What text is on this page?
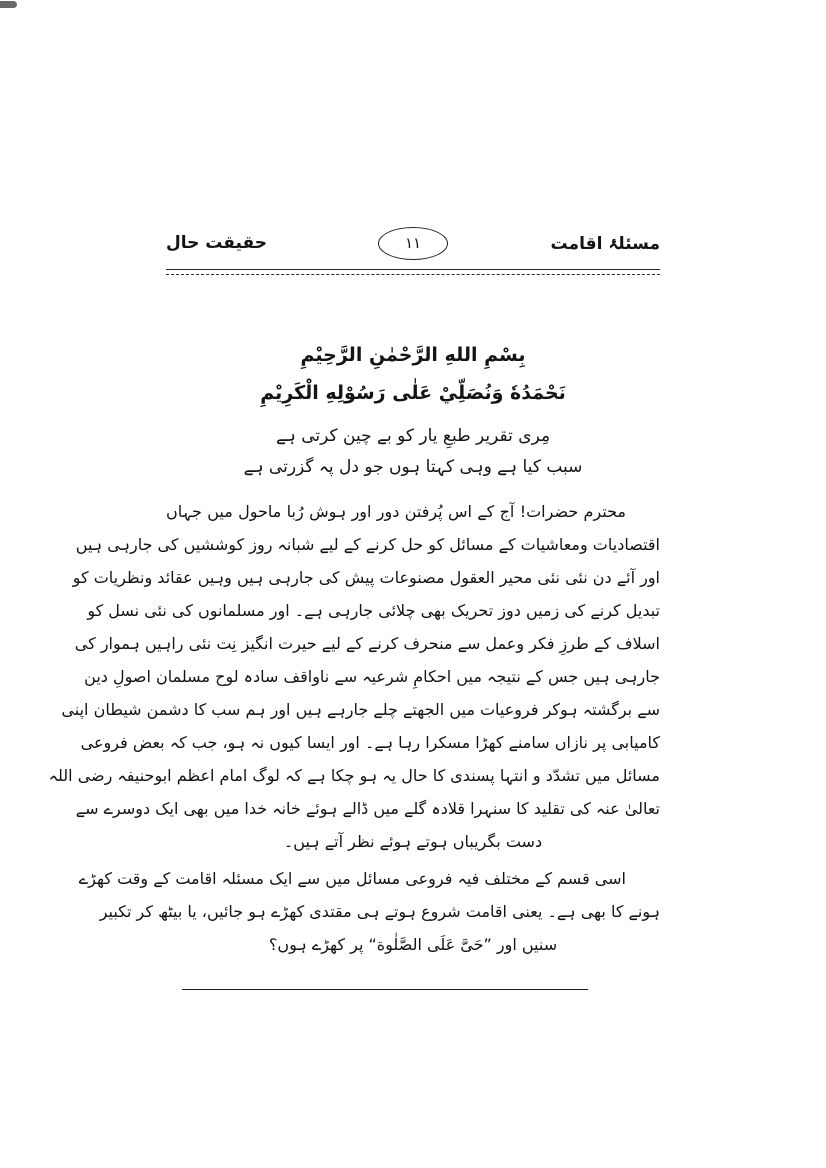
مسئلۂ اقامت
۱۱
حقیقت حال
بِسْمِ اللهِ الرَّحْمٰنِ الرَّحِيْمِ
نَحْمَدُهٗ وَنُصَلِّيْ عَلٰی رَسُوْلِهِ الْکَرِيْمِ
مِری تقریر طبعِ یار کو بے چین کرتی ہے
سبب کیا ہے وہی کہتا ہوں جو دل پہ گزرتی ہے
محترم حضرات! آج کے اس پُرفتن دور اور ہوش رُبا ماحول میں جہاں
اقتصادیات ومعاشیات کے مسائل کو حل کرنے کے لیے شبانہ روز کوششیں کی جارہی ہیں
اور آئے دن نئی نئی محیر العقول مصنوعات پیش کی جارہی ہیں وہیں عقائد ونظریات کو
تبدیل کرنے کی زمیں دوز تحریک بھی چلائی جارہی ہے۔ اور مسلمانوں کی نئی نسل کو
اسلاف کے طرزِ فکر وعمل سے منحرف کرنے کے لیے حیرت انگیز نِت نئی راہیں ہموار کی
جارہی ہیں جس کے نتیجہ میں احکامِ شرعیہ سے ناواقف سادہ لوح مسلمان اصولِ دین
سے برگشتہ ہوکر فروعیات میں الجھتے چلے جارہے ہیں اور ہم سب کا دشمن شیطان اپنی
کامیابی پر نازاں سامنے کھڑا مسکرا رہا ہے۔ اور ایسا کیوں نہ ہو، جب کہ بعض فروعی
مسائل میں تشدّد و انتہا پسندی کا حال یہ ہو چکا ہے کہ لوگ امام اعظم ابوحنیفہ رضی اللہ
تعالیٰ عنہ کی تقلید کا سنہرا قلادہ گلے میں ڈالے ہوئے خانہ خدا میں بھی ایک دوسرے سے
دست بگریباں ہوتے ہوئے نظر آتے ہیں۔
اسی قسم کے مختلف فیہ فروعی مسائل میں سے ایک مسئلہ اقامت کے وقت کھڑے
ہونے کا بھی ہے۔ یعنی اقامت شروع ہوتے ہی مقتدی کھڑے ہو جائیں، یا بیٹھ کر تکبیر
سنیں اور ”حَیَّ عَلَی الصَّلٰوة“ پر کھڑے ہوں؟
